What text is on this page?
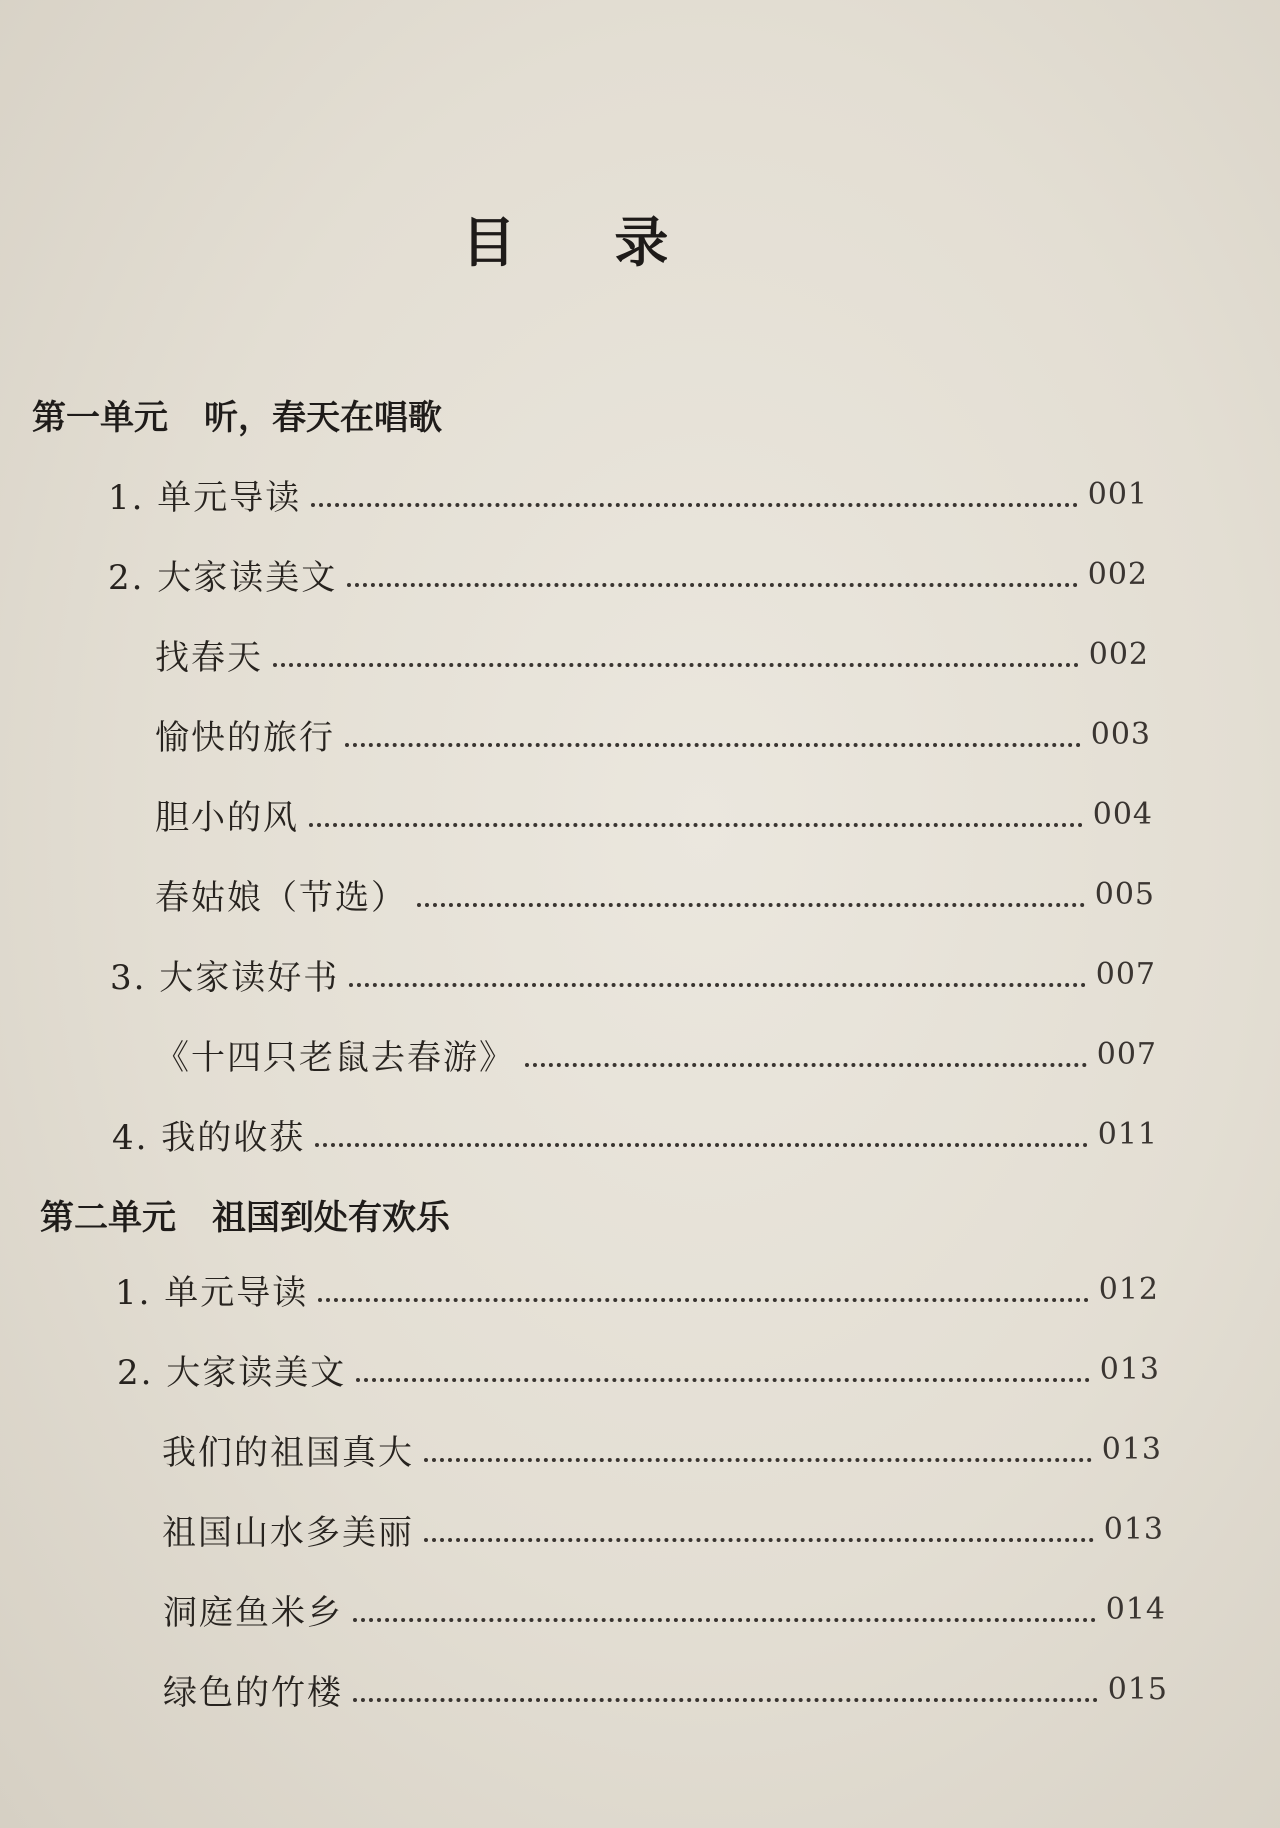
目 录
第一单元 听，春天在唱歌
1. 单元导读	001
2. 大家读美文	002
找春天	002
愉快的旅行	003
胆小的风	004
春姑娘（节选）	005
3. 大家读好书	007
《十四只老鼠去春游》	007
4. 我的收获	011
第二单元 祖国到处有欢乐
1. 单元导读	012
2. 大家读美文	013
我们的祖国真大	013
祖国山水多美丽	013
洞庭鱼米乡	014
绿色的竹楼	015
